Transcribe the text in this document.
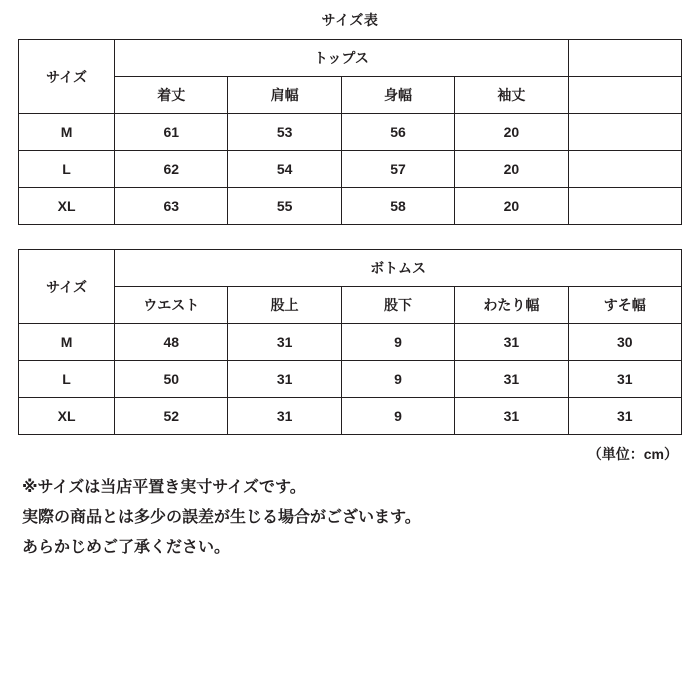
サイズ表
サイズ	トップス				
	着丈	肩幅	身幅	袖丈	
M	61	53	56	20	
L	62	54	57	20	
XL	63	55	58	20	
サイズ	ボトムス				
	ウエスト	股上	股下	わたり幅	すそ幅
M	48	31	9	31	30
L	50	31	9	31	31
XL	52	31	9	31	31
（単位：cm）

※サイズは当店平置き実寸サイズです。

実際の商品とは多少の誤差が生じる場合がございます。

あらかじめご了承ください。
